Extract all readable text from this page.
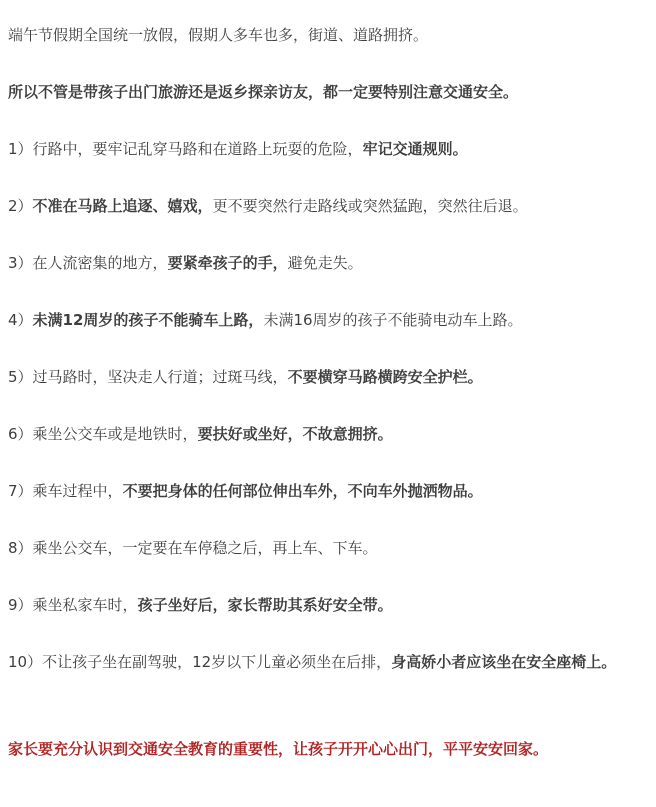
端午节假期全国统一放假，假期人多车也多，街道、道路拥挤。

所以不管是带孩子出门旅游还是返乡探亲访友，都一定要特别注意交通安全。

1）行路中，要牢记乱穿马路和在道路上玩耍的危险，牢记交通规则。

2）不准在马路上追逐、嬉戏，更不要突然行走路线或突然猛跑，突然往后退。

3）在人流密集的地方，要紧牵孩子的手，避免走失。

4）未满12周岁的孩子不能骑车上路，未满16周岁的孩子不能骑电动车上路。

5）过马路时，坚决走人行道；过斑马线，不要横穿马路横跨安全护栏。

6）乘坐公交车或是地铁时，要扶好或坐好，不故意拥挤。

7）乘车过程中，不要把身体的任何部位伸出车外，不向车外抛洒物品。

8）乘坐公交车，一定要在车停稳之后，再上车、下车。

9）乘坐私家车时，孩子坐好后，家长帮助其系好安全带。

10）不让孩子坐在副驾驶，12岁以下儿童必须坐在后排，身高娇小者应该坐在安全座椅上。

家长要充分认识到交通安全教育的重要性，让孩子开开心心出门，平平安安回家。
